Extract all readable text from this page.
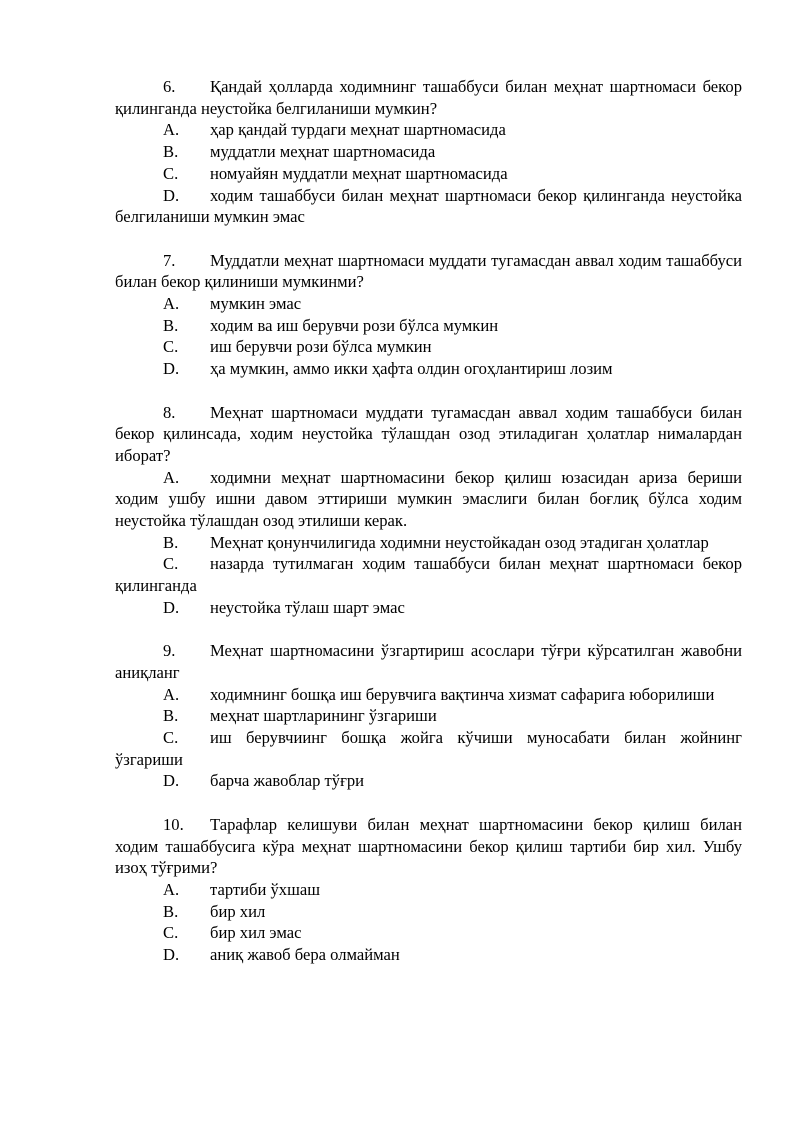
6. Қандай ҳолларда ходимнинг ташаббуси билан меҳнат шартномаси бекор қилинганда неустойка белгиланиши мумкин?

A. ҳар қандай турдаги меҳнат шартномасида

B. муддатли меҳнат шартномасида

C. номуайян муддатли меҳнат шартномасида

D. ходим ташаббуси билан меҳнат шартномаси бекор қилинганда неустойка белгиланиши мумкин эмас

7. Муддатли меҳнат шартномаси муддати тугамасдан аввал ходим ташаббуси билан бекор қилиниши мумкинми?

A. мумкин эмас

B. ходим ва иш берувчи рози бўлса мумкин

C. иш берувчи рози бўлса мумкин

D. ҳа мумкин, аммо икки ҳафта олдин огоҳлантириш лозим

8. Меҳнат шартномаси муддати тугамасдан аввал ходим ташаббуси билан бекор қилинсада, ходим неустойка тўлашдан озод этиладиган ҳолатлар нималардан иборат?

A. ходимни меҳнат шартномасини бекор қилиш юзасидан ариза бериши ходим ушбу ишни давом эттириши мумкин эмаслиги билан боғлиқ бўлса ходим неустойка тўлашдан озод этилиши керак.

B. Меҳнат қонунчилигида ходимни неустойкадан озод этадиган ҳолатлар

C. назарда тутилмаган ходим ташаббуси билан меҳнат шартномаси бекор қилинганда

D. неустойка тўлаш шарт эмас

9. Меҳнат шартномасини ўзгартириш асослари тўғри кўрсатилган жавобни аниқланг

A. ходимнинг бошқа иш берувчига вақтинча хизмат сафарига юборилиши

B. меҳнат шартларининг ўзгариши

C. иш берувчиинг бошқа жойга кўчиши муносабати билан жойнинг ўзгариши

D. барча жавоблар тўғри

10. Тарафлар келишуви билан меҳнат шартномасини бекор қилиш билан ходим ташаббусига кўра меҳнат шартномасини бекор қилиш тартиби бир хил. Ушбу изоҳ тўғрими?

A. тартиби ўхшаш

B. бир хил

C. бир хил эмас

D. аниқ жавоб бера олмайман
